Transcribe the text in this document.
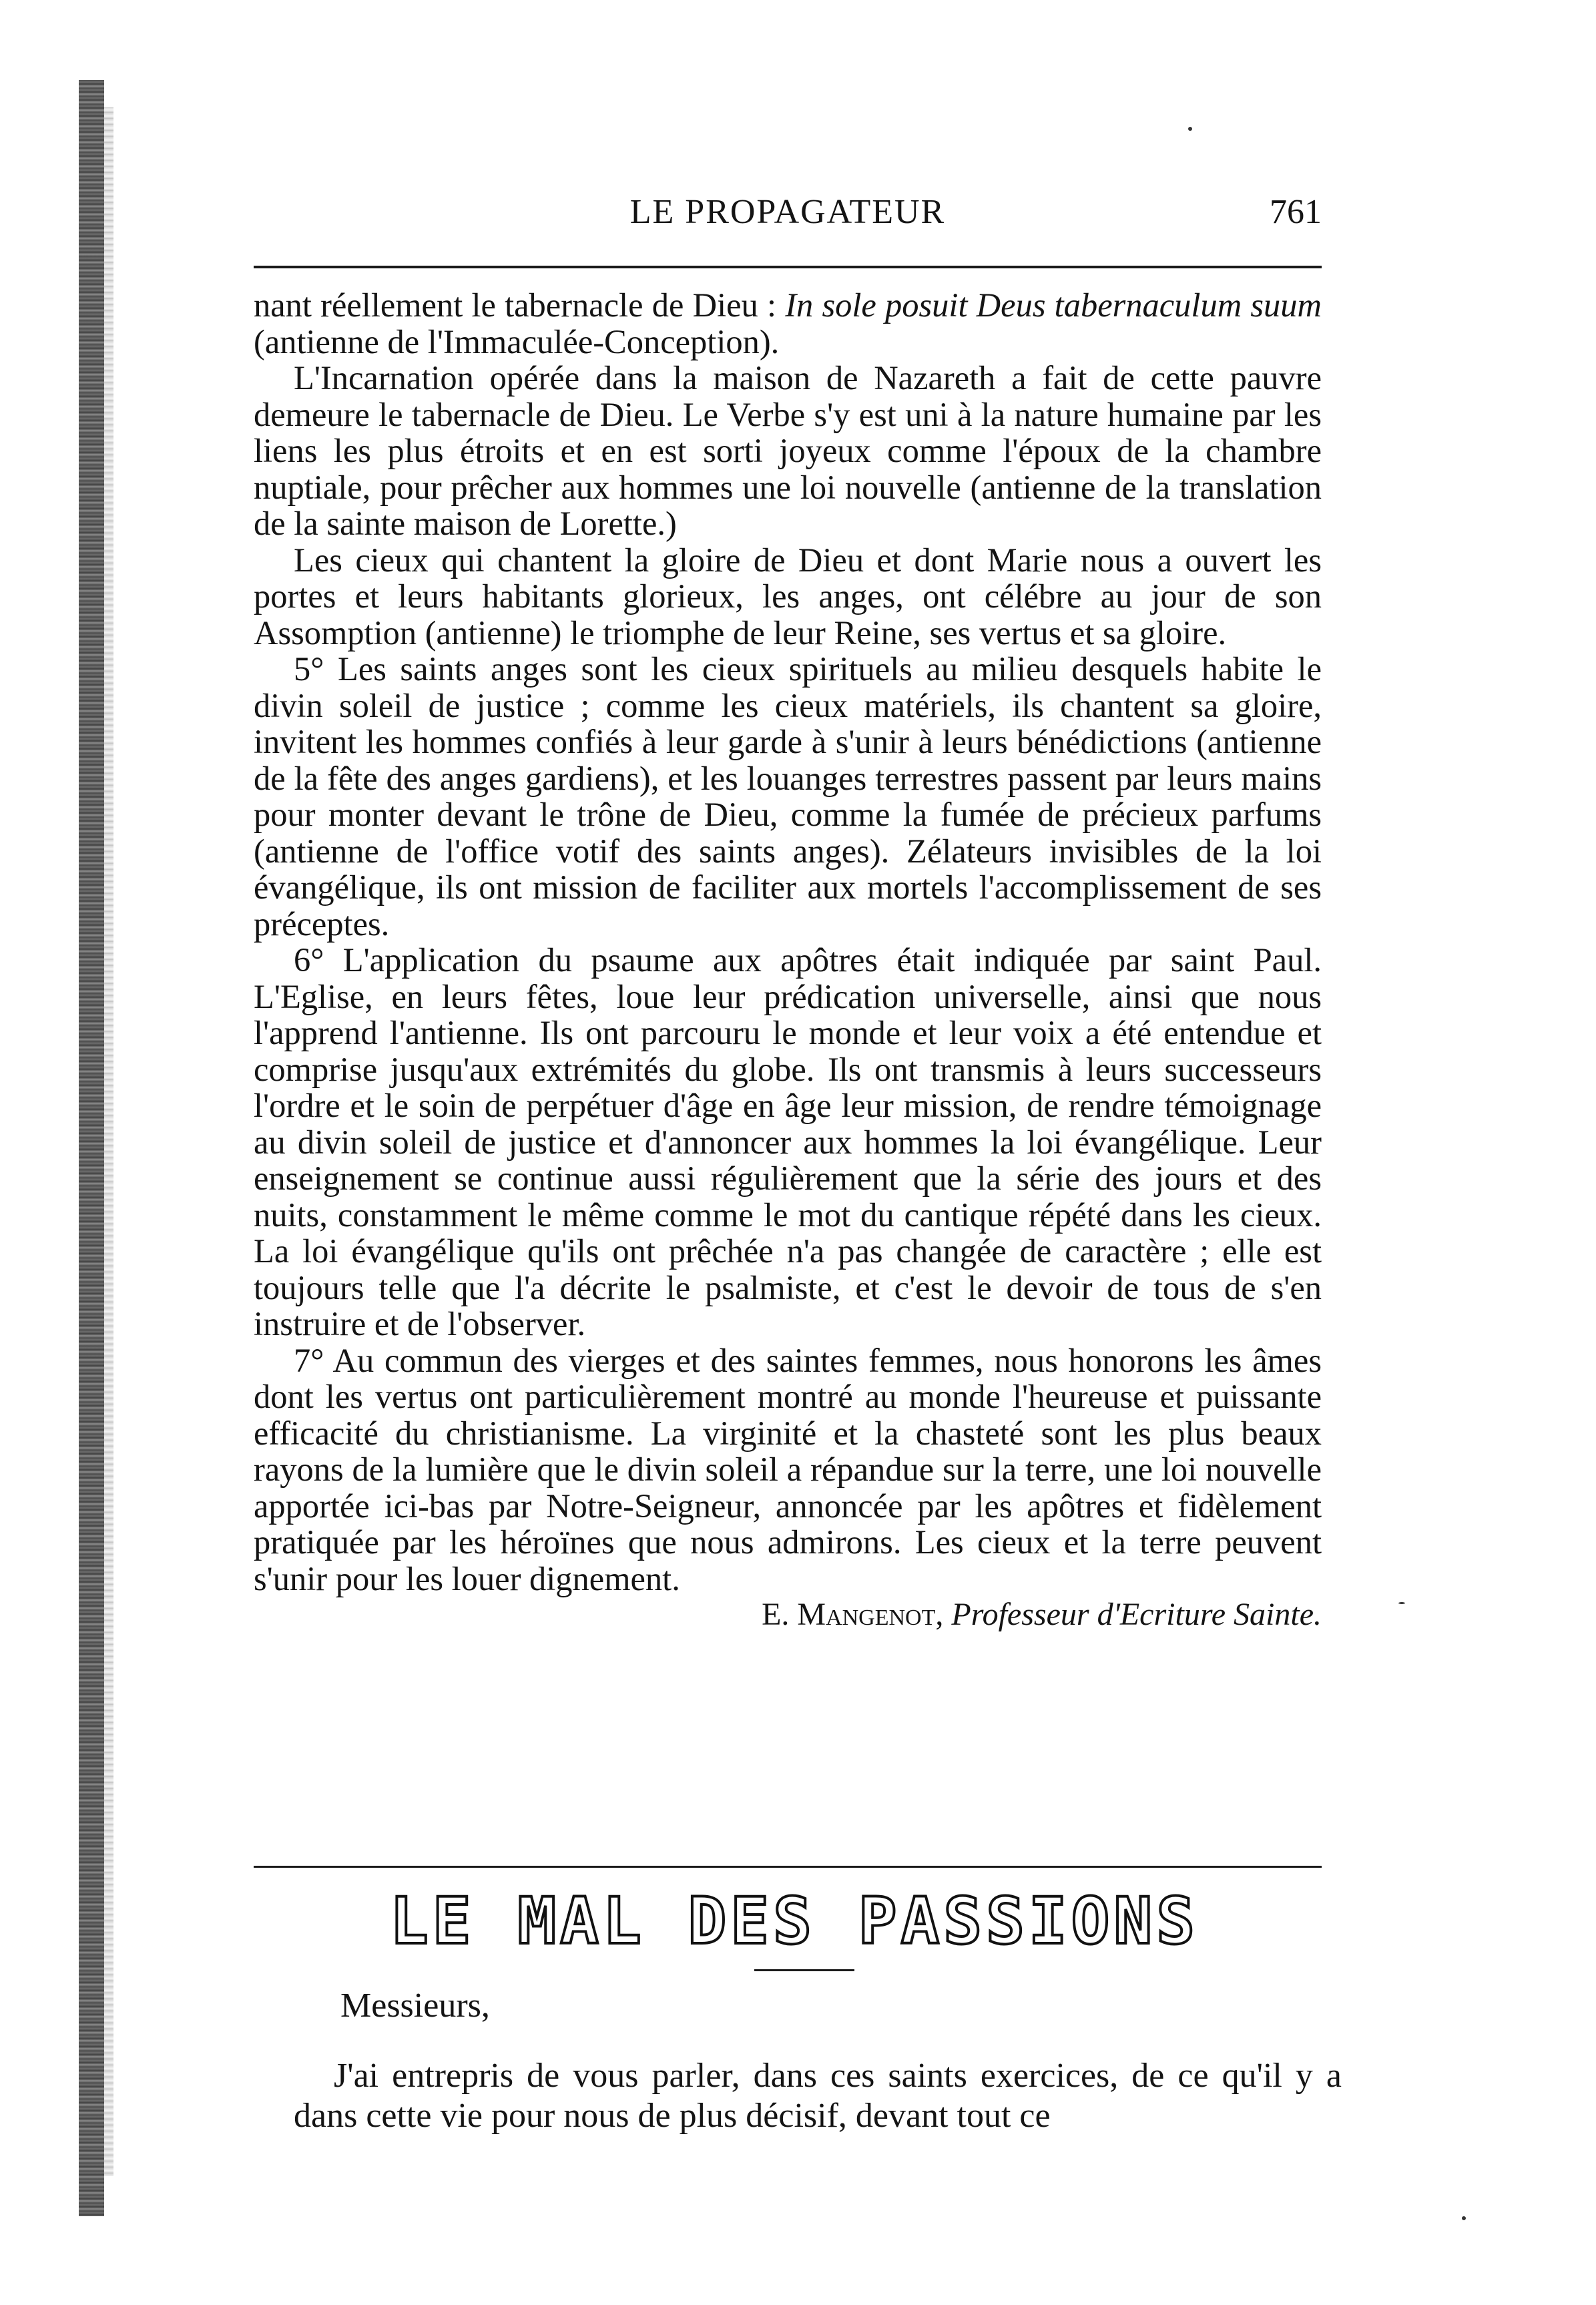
LE PROPAGATEUR	761

nant réellement le tabernacle de Dieu : In sole posuit Deus tabernaculum suum (antienne de l'Immaculée-Conception).

L'Incarnation opérée dans la maison de Nazareth a fait de cette pauvre demeure le tabernacle de Dieu. Le Verbe s'y est uni à la nature humaine par les liens les plus étroits et en est sorti joyeux comme l'époux de la chambre nuptiale, pour prêcher aux hommes une loi nouvelle (antienne de la translation de la sainte maison de Lorette.)

Les cieux qui chantent la gloire de Dieu et dont Marie nous a ouvert les portes et leurs habitants glorieux, les anges, ont célébre au jour de son Assomption (antienne) le triomphe de leur Reine, ses vertus et sa gloire.

5° Les saints anges sont les cieux spirituels au milieu desquels habite le divin soleil de justice ; comme les cieux matériels, ils chantent sa gloire, invitent les hommes confiés à leur garde à s'unir à leurs bénédictions (antienne de la fête des anges gardiens), et les louanges terrestres passent par leurs mains pour monter devant le trône de Dieu, comme la fumée de précieux parfums (antienne de l'office votif des saints anges). Zélateurs invisibles de la loi évangélique, ils ont mission de faciliter aux mortels l'accomplissement de ses préceptes.

6° L'application du psaume aux apôtres était indiquée par saint Paul. L'Eglise, en leurs fêtes, loue leur prédication universelle, ainsi que nous l'apprend l'antienne. Ils ont parcouru le monde et leur voix a été entendue et comprise jusqu'aux extrémités du globe. Ils ont transmis à leurs successeurs l'ordre et le soin de perpétuer d'âge en âge leur mission, de rendre témoignage au divin soleil de justice et d'annoncer aux hommes la loi évangélique. Leur enseignement se continue aussi régulièrement que la série des jours et des nuits, constamment le même comme le mot du cantique répété dans les cieux. La loi évangélique qu'ils ont prêchée n'a pas changée de caractère ; elle est toujours telle que l'a décrite le psalmiste, et c'est le devoir de tous de s'en instruire et de l'observer.

7° Au commun des vierges et des saintes femmes, nous honorons les âmes dont les vertus ont particulièrement montré au monde l'heureuse et puissante efficacité du christianisme. La virginité et la chasteté sont les plus beaux rayons de la lumière que le divin soleil a répandue sur la terre, une loi nouvelle apportée ici-bas par Notre-Seigneur, annoncée par les apôtres et fidèlement pratiquée par les héroïnes que nous admirons. Les cieux et la terre peuvent s'unir pour les louer dignement.

E. Mangenot, Professeur d'Ecriture Sainte.

LE MAL DES PASSIONS

Messieurs,

J'ai entrepris de vous parler, dans ces saints exercices, de ce qu'il y a dans cette vie pour nous de plus décisif, devant tout ce
